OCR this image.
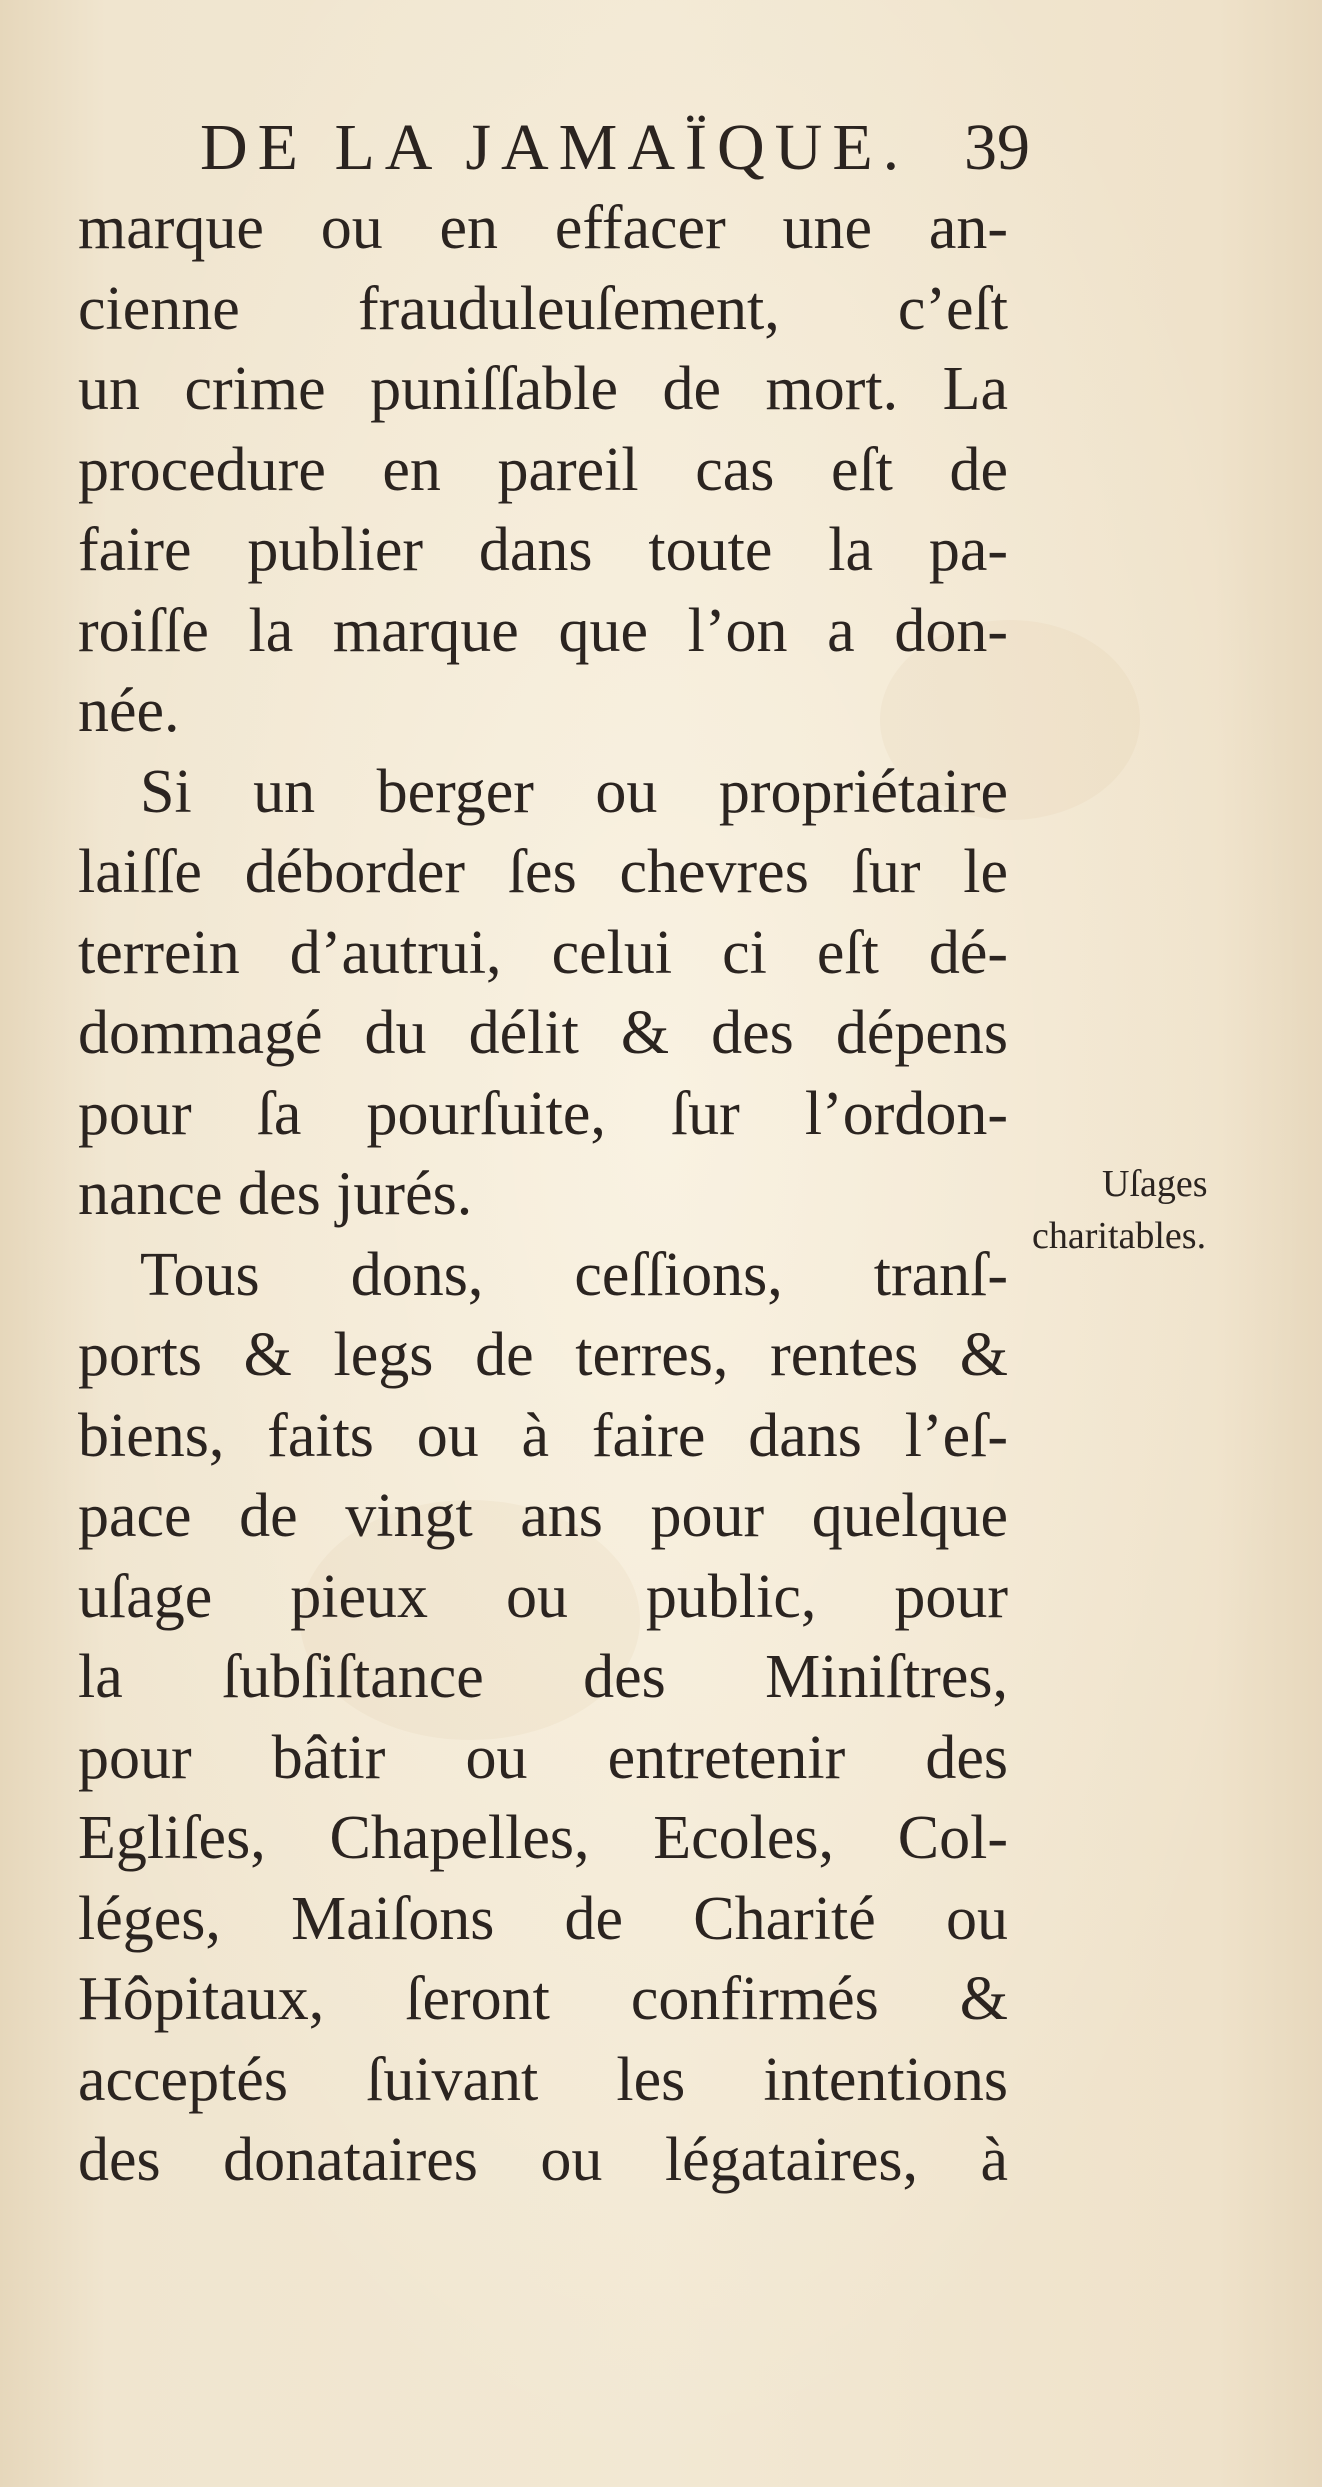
DE LA JAMAÏQUE. 39
marque ou en effacer une an-
cienne frauduleuſement, c’eſt
un crime puniſſable de mort. La
procedure en pareil cas eſt de
faire publier dans toute la pa-
roiſſe la marque que l’on a don-
née.
Si un berger ou propriétaire
laiſſe déborder ſes chevres ſur le
terrein d’autrui, celui ci eſt dé-
dommagé du délit & des dépens
pour ſa pourſuite, ſur l’ordon-
nance des jurés.
Tous dons, ceſſions, tranſ-
ports & legs de terres, rentes &
biens, faits ou à faire dans l’eſ-
pace de vingt ans pour quelque
uſage pieux ou public, pour
la ſubſiſtance des Miniſtres,
pour bâtir ou entretenir des
Egliſes, Chapelles, Ecoles, Col-
léges, Maiſons de Charité ou
Hôpitaux, ſeront confirmés &
acceptés ſuivant les intentions
des donataires ou légataires, à
Uſages
charitables.
